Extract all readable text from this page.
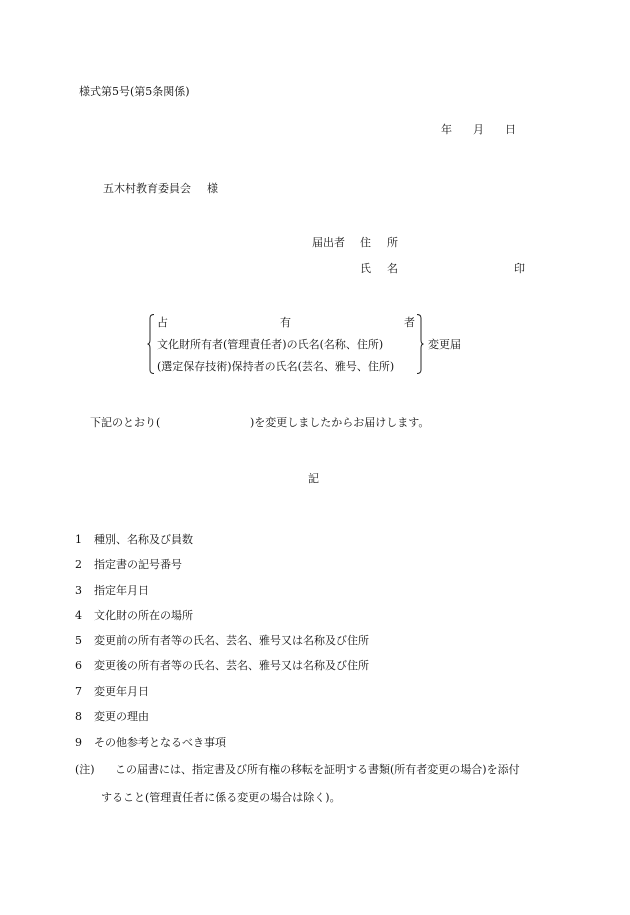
様式第5号(第5条関係)
年 月 日
五木村教育委員会 様
届出者 住 所
氏 名	印
占	有	者
文化財所有者(管理責任者)の氏名(名称、住所)
(選定保存技術)保持者の氏名(芸名、雅号、住所)
変更届
下記のとおり(	)を変更しましたからお届けします。
記
1 種別、名称及び員数
2 指定書の記号番号
3 指定年月日
4 文化財の所在の場所
5 変更前の所有者等の氏名、芸名、雅号又は名称及び住所
6 変更後の所有者等の氏名、芸名、雅号又は名称及び住所
7 変更年月日
8 変更の理由
9 その他参考となるべき事項
(注) この届書には、指定書及び所有権の移転を証明する書類(所有者変更の場合)を添付
すること(管理責任者に係る変更の場合は除く)。
